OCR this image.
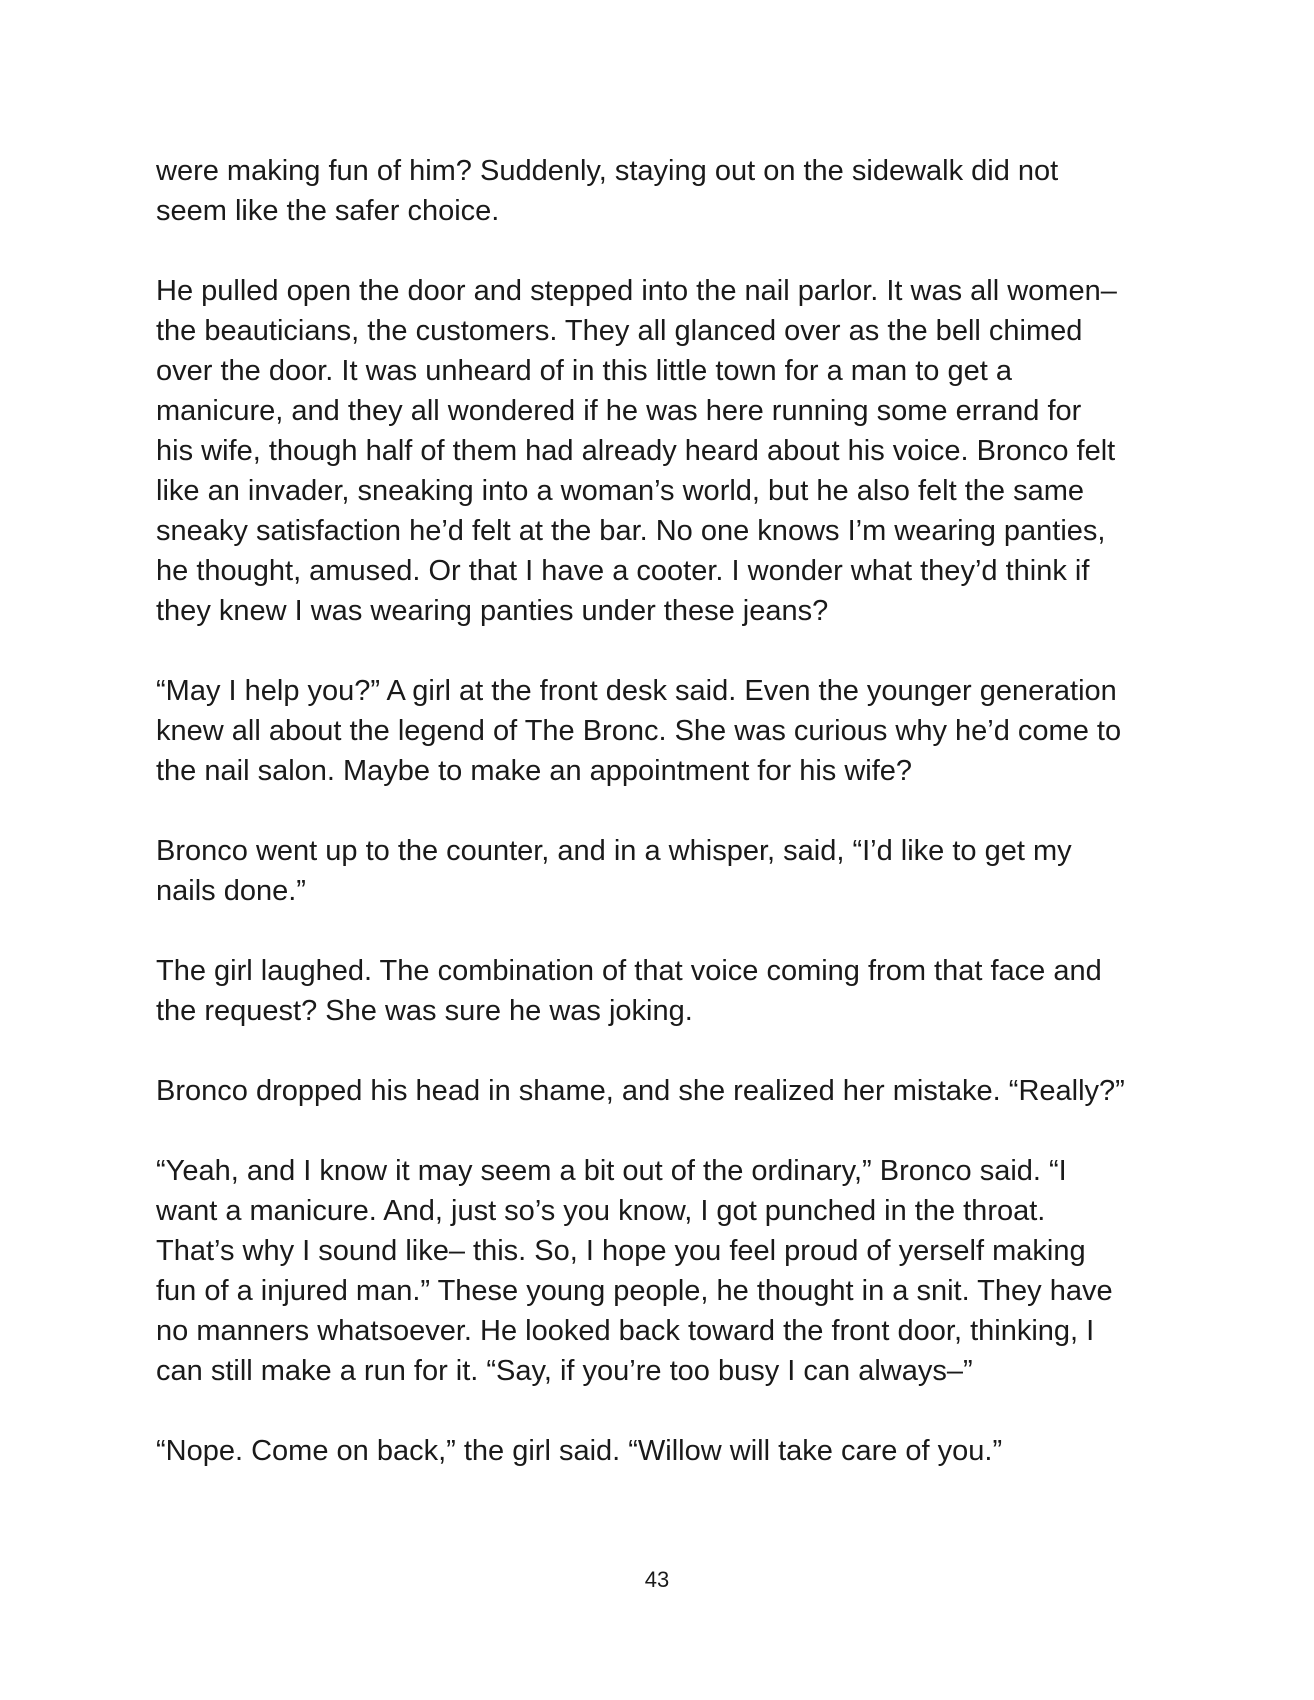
were making fun of him? Suddenly, staying out on the sidewalk did not
seem like the safer choice.

He pulled open the door and stepped into the nail parlor. It was all women–
the beauticians, the customers. They all glanced over as the bell chimed
over the door. It was unheard of in this little town for a man to get a
manicure, and they all wondered if he was here running some errand for
his wife, though half of them had already heard about his voice. Bronco felt
like an invader, sneaking into a woman’s world, but he also felt the same
sneaky satisfaction he’d felt at the bar. No one knows I’m wearing panties,
he thought, amused. Or that I have a cooter. I wonder what they’d think if
they knew I was wearing panties under these jeans?

“May I help you?” A girl at the front desk said. Even the younger generation
knew all about the legend of The Bronc. She was curious why he’d come to
the nail salon. Maybe to make an appointment for his wife?

Bronco went up to the counter, and in a whisper, said, “I’d like to get my
nails done.”

The girl laughed. The combination of that voice coming from that face and
the request? She was sure he was joking.

Bronco dropped his head in shame, and she realized her mistake. “Really?”

“Yeah, and I know it may seem a bit out of the ordinary,” Bronco said. “I
want a manicure. And, just so’s you know, I got punched in the throat.
That’s why I sound like– this. So, I hope you feel proud of yerself making
fun of a injured man.” These young people, he thought in a snit. They have
no manners whatsoever. He looked back toward the front door, thinking, I
can still make a run for it. “Say, if you’re too busy I can always–”

“Nope. Come on back,” the girl said. “Willow will take care of you.”

43
